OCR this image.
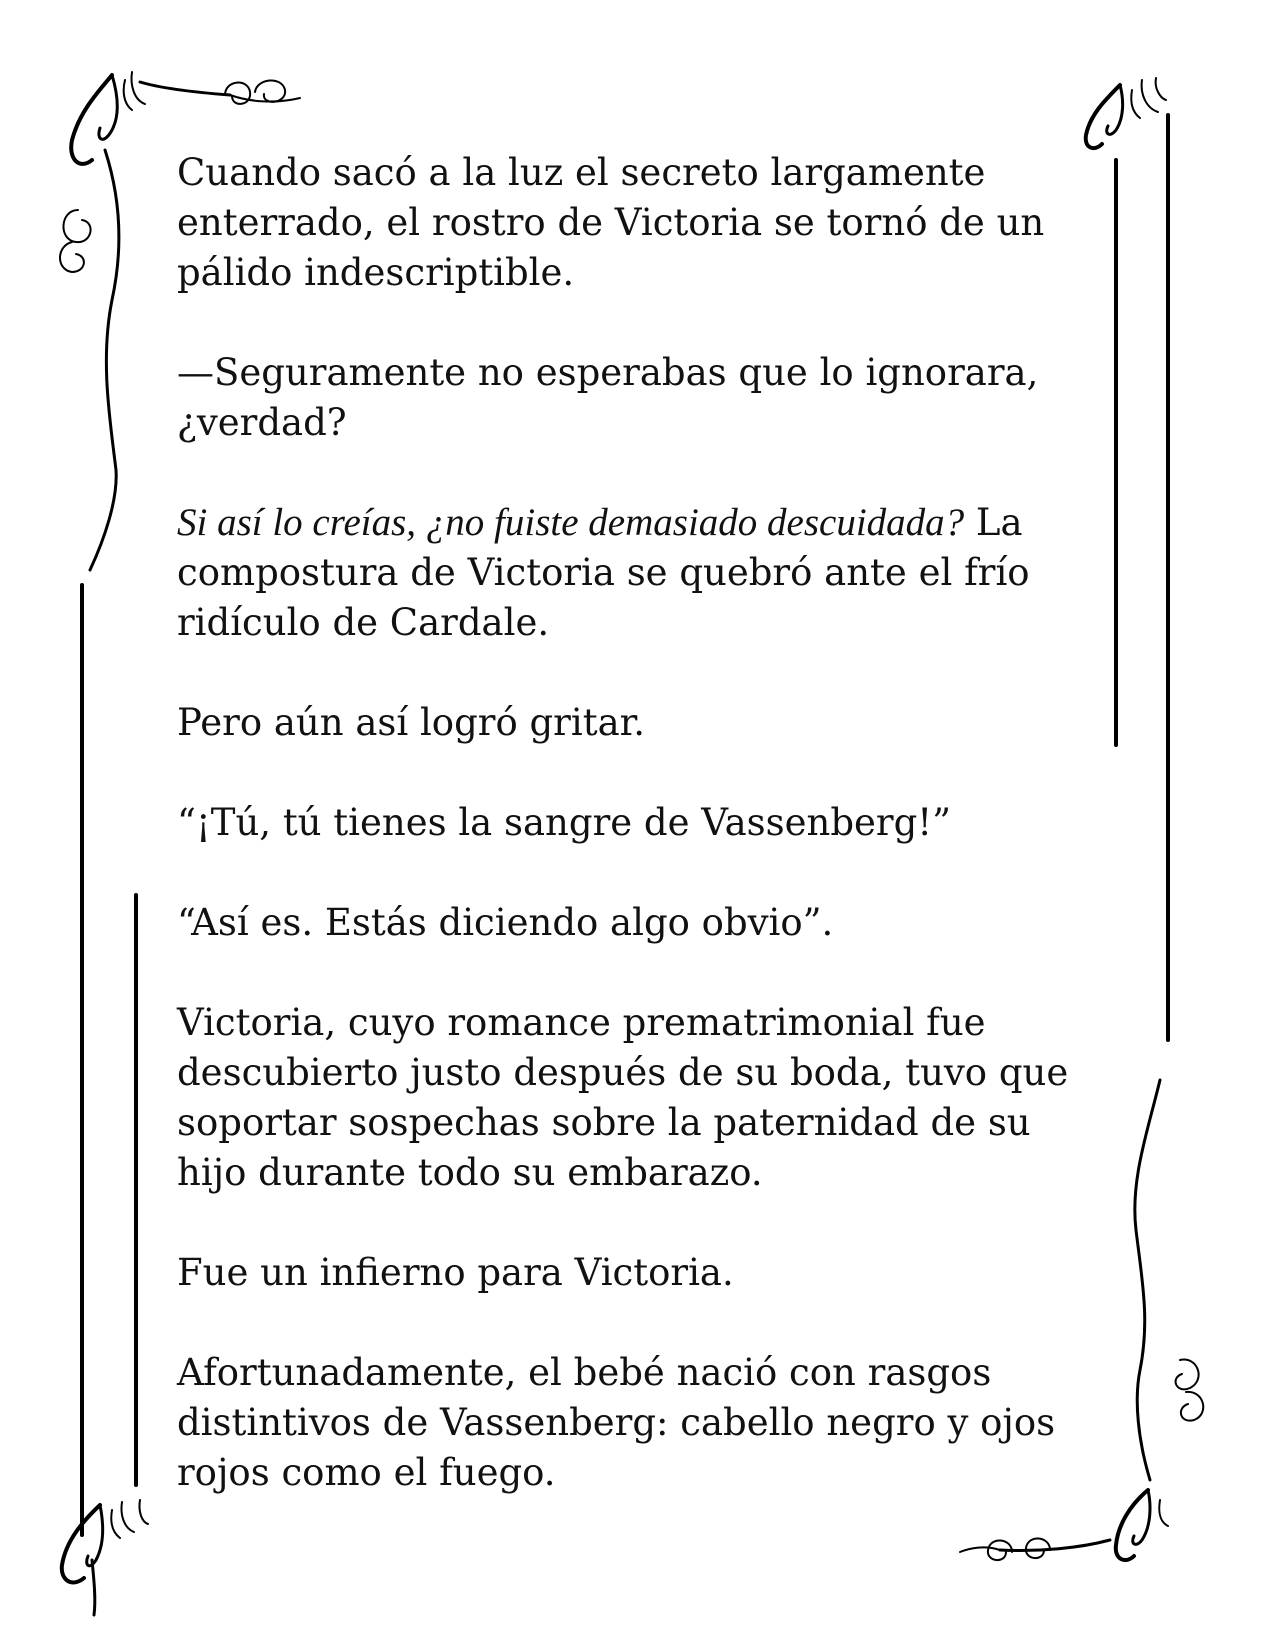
Cuando sacó a la luz el secreto largamente enterrado, el rostro de Victoria se tornó de un pálido indescriptible.

—Seguramente no esperabas que lo ignorara, ¿verdad?

Si así lo creías, ¿no fuiste demasiado descuidada? La compostura de Victoria se quebró ante el frío ridículo de Cardale.

Pero aún así logró gritar.

“¡Tú, tú tienes la sangre de Vassenberg!”

“Así es. Estás diciendo algo obvio”.

Victoria, cuyo romance prematrimonial fue descubierto justo después de su boda, tuvo que soportar sospechas sobre la paternidad de su hijo durante todo su embarazo.

Fue un infierno para Victoria.

Afortunadamente, el bebé nació con rasgos distintivos de Vassenberg: cabello negro y ojos rojos como el fuego.
